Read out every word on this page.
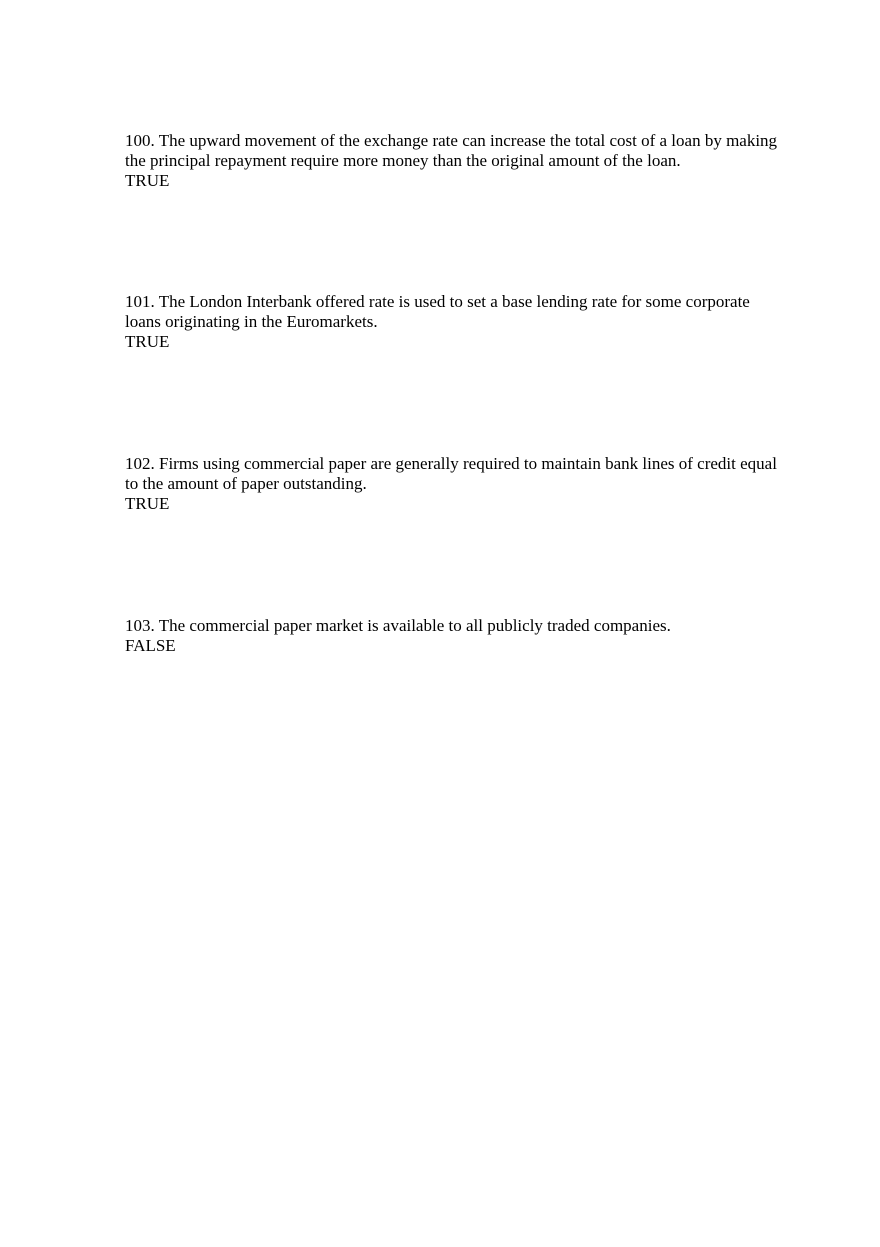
100. The upward movement of the exchange rate can increase the total cost of a loan by making the principal repayment require more money than the original amount of the loan.

TRUE

101. The London Interbank offered rate is used to set a base lending rate for some corporate loans originating in the Euromarkets.

TRUE

102. Firms using commercial paper are generally required to maintain bank lines of credit equal to the amount of paper outstanding.

TRUE

103. The commercial paper market is available to all publicly traded companies.

FALSE
